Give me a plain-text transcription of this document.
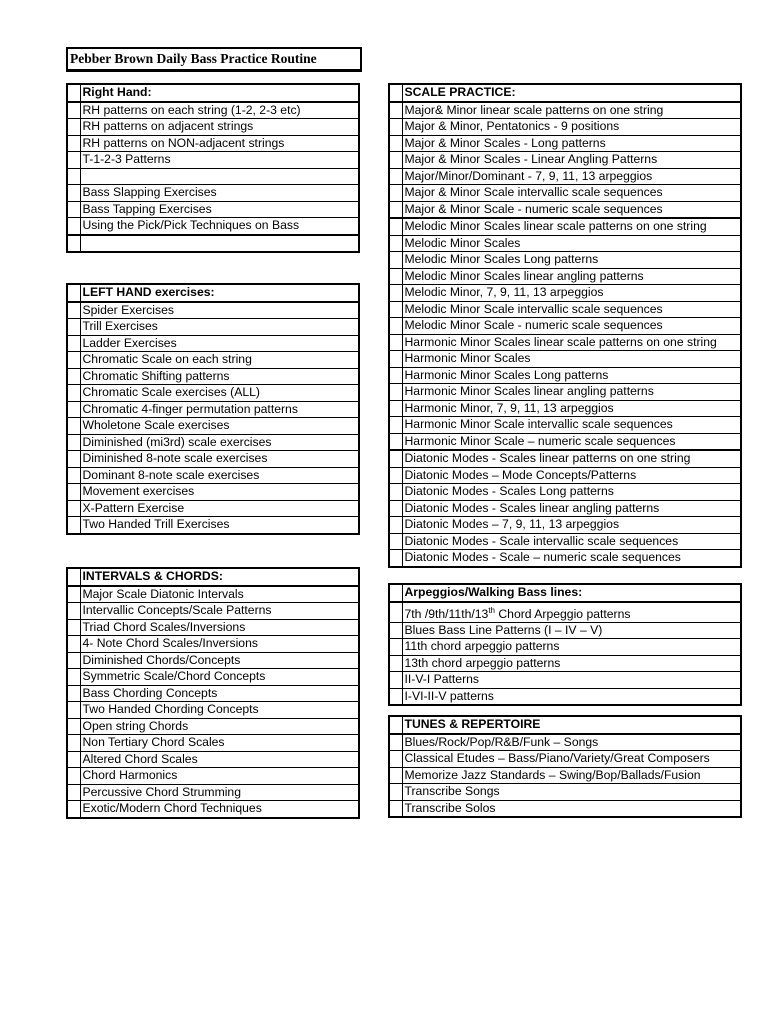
Pebber Brown Daily Bass Practice Routine
	Right Hand:
	RH patterns on each string (1-2, 2-3 etc)
	RH patterns on adjacent strings
	RH patterns on NON-adjacent strings
	T-1-2-3 Patterns

	Bass Slapping Exercises
	Bass Tapping Exercises
	Using the Pick/Pick Techniques on Bass

	LEFT HAND exercises:
	Spider Exercises
	Trill Exercises
	Ladder Exercises
	Chromatic Scale on each string
	Chromatic Shifting patterns
	Chromatic Scale exercises (ALL)
	Chromatic 4-finger permutation patterns
	Wholetone Scale exercises
	Diminished (mi3rd) scale exercises
	Diminished 8-note scale exercises
	Dominant 8-note scale exercises
	Movement exercises
	X-Pattern Exercise
	Two Handed Trill Exercises
	INTERVALS & CHORDS:
	Major Scale Diatonic Intervals
	Intervallic Concepts/Scale Patterns
	Triad Chord Scales/Inversions
	4- Note Chord Scales/Inversions
	Diminished Chords/Concepts
	Symmetric Scale/Chord Concepts
	Bass Chording Concepts
	Two Handed Chording Concepts
	Open string Chords
	Non Tertiary Chord Scales
	Altered Chord Scales
	Chord Harmonics
	Percussive Chord Strumming
	Exotic/Modern Chord Techniques
	SCALE PRACTICE:
	Major& Minor linear scale patterns on one string
	Major & Minor, Pentatonics - 9 positions
	Major & Minor Scales - Long patterns
	Major & Minor Scales - Linear Angling Patterns
	Major/Minor/Dominant - 7, 9, 11, 13 arpeggios
	Major & Minor Scale intervallic scale sequences
	Major & Minor Scale - numeric scale sequences
	Melodic Minor Scales linear scale patterns on one string
	Melodic Minor Scales
	Melodic Minor Scales Long patterns
	Melodic Minor Scales linear angling patterns
	Melodic Minor, 7, 9, 11, 13 arpeggios
	Melodic Minor Scale intervallic scale sequences
	Melodic Minor Scale - numeric scale sequences
	Harmonic Minor Scales linear scale patterns on one string
	Harmonic Minor Scales
	Harmonic Minor Scales Long patterns
	Harmonic Minor Scales linear angling patterns
	Harmonic Minor, 7, 9, 11, 13 arpeggios
	Harmonic Minor Scale intervallic scale sequences
	Harmonic Minor Scale – numeric scale sequences
	Diatonic Modes - Scales linear patterns on one string
	Diatonic Modes – Mode Concepts/Patterns
	Diatonic Modes - Scales Long patterns
	Diatonic Modes - Scales linear angling patterns
	Diatonic Modes – 7, 9, 11, 13 arpeggios
	Diatonic Modes - Scale intervallic scale sequences
	Diatonic Modes - Scale – numeric scale sequences
	Arpeggios/Walking Bass lines:
	7th /9th/11th/13th Chord Arpeggio patterns
	Blues Bass Line Patterns (I – IV – V)
	11th chord arpeggio patterns
	13th chord arpeggio patterns
	II-V-I Patterns
	I-VI-II-V patterns
	TUNES & REPERTOIRE
	Blues/Rock/Pop/R&B/Funk – Songs
	Classical Etudes – Bass/Piano/Variety/Great Composers
	Memorize Jazz Standards – Swing/Bop/Ballads/Fusion
	Transcribe Songs
	Transcribe Solos
